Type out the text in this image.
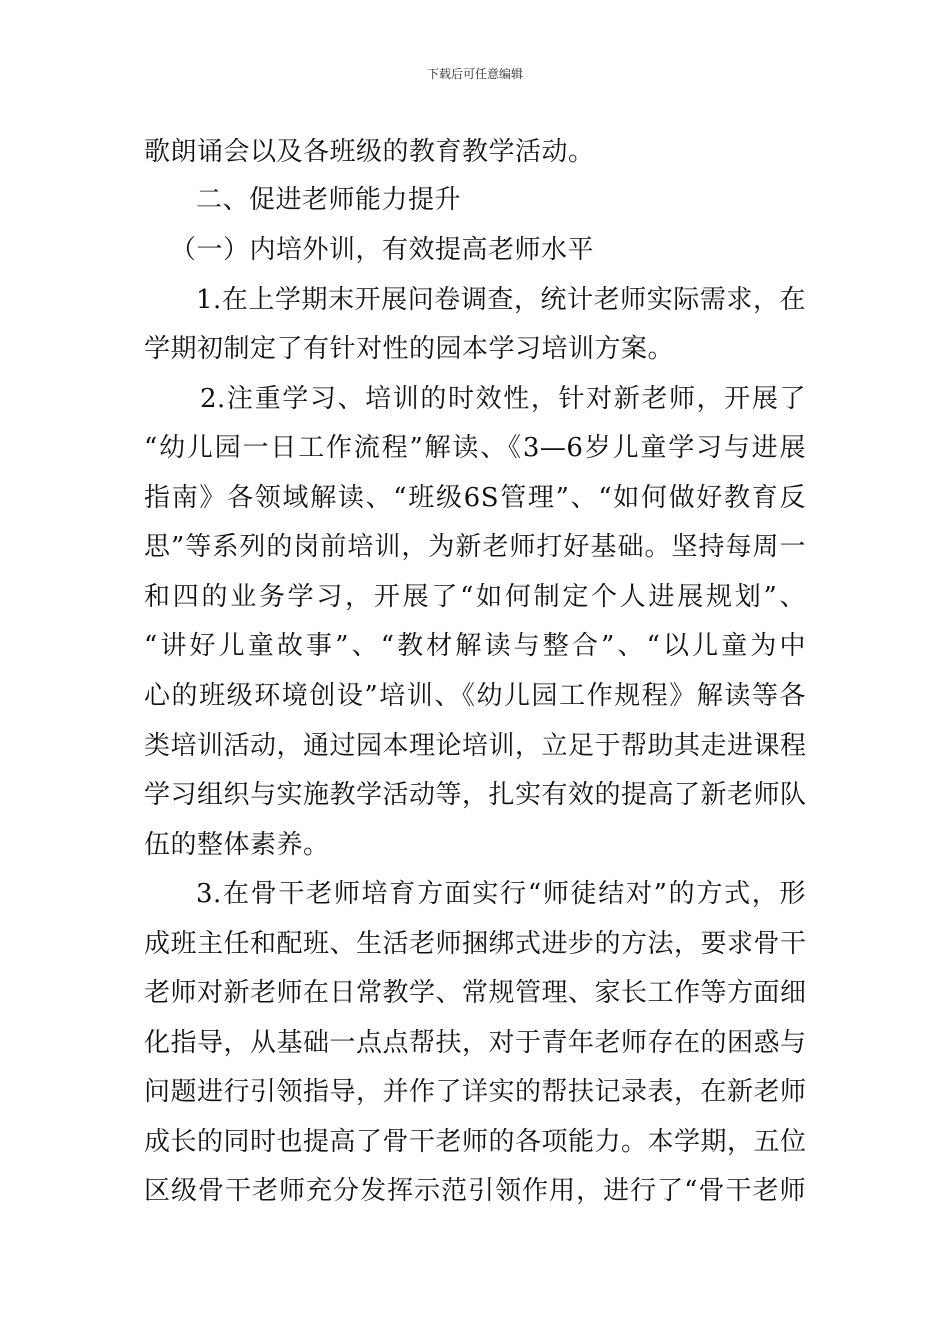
下载后可任意编辑
歌朗诵会以及各班级的教育教学活动。
二、促进老师能力提升
（一）内培外训，有效提高老师水平
1.在上学期末开展问卷调查，统计老师实际需求，在
学期初制定了有针对性的园本学习培训方案。
2.注重学习、培训的时效性，针对新老师，开展了
“幼儿园一日工作流程”解读、《3—6岁儿童学习与进展
指南》各领域解读、“班级6S管理”、“如何做好教育反
思”等系列的岗前培训，为新老师打好基础。坚持每周一
和四的业务学习，开展了“如何制定个人进展规划”、
“讲好儿童故事”、“教材解读与整合”、“以儿童为中
心的班级环境创设”培训、《幼儿园工作规程》解读等各
类培训活动，通过园本理论培训，立足于帮助其走进课程
学习组织与实施教学活动等，扎实有效的提高了新老师队
伍的整体素养。
3.在骨干老师培育方面实行“师徒结对”的方式，形
成班主任和配班、生活老师捆绑式进步的方法，要求骨干
老师对新老师在日常教学、常规管理、家长工作等方面细
化指导，从基础一点点帮扶，对于青年老师存在的困惑与
问题进行引领指导，并作了详实的帮扶记录表，在新老师
成长的同时也提高了骨干老师的各项能力。本学期，五位
区级骨干老师充分发挥示范引领作用，进行了“骨干老师
